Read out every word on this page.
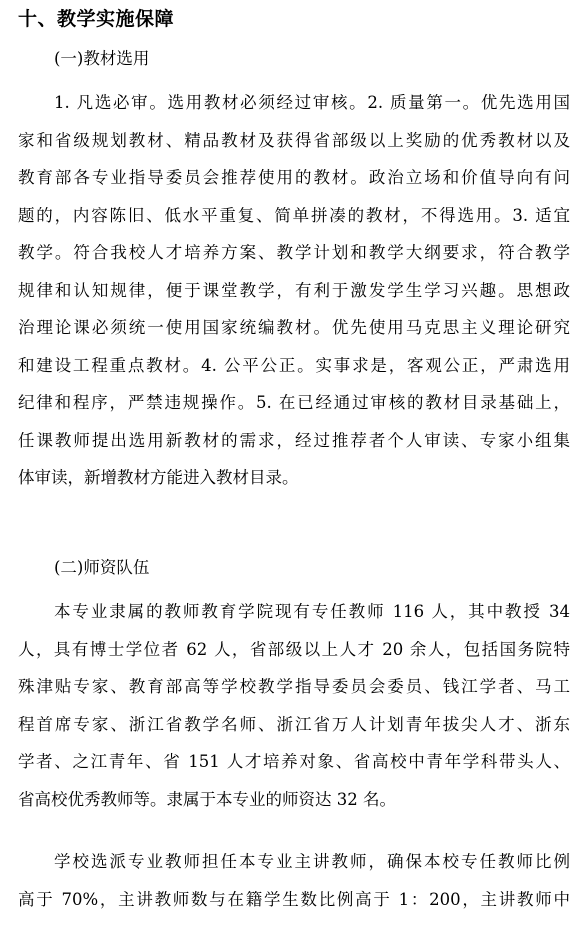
十、教学实施保障
(一)教材选用
1. 凡选必审。选用教材必须经过审核。2. 质量第一。优先选用国
家和省级规划教材、精品教材及获得省部级以上奖励的优秀教材以及
教育部各专业指导委员会推荐使用的教材。政治立场和价值导向有问
题的，内容陈旧、低水平重复、简单拼凑的教材，不得选用。3. 适宜
教学。符合我校人才培养方案、教学计划和教学大纲要求，符合教学
规律和认知规律，便于课堂教学，有利于激发学生学习兴趣。思想政
治理论课必须统一使用国家统编教材。优先使用马克思主义理论研究
和建设工程重点教材。4. 公平公正。实事求是，客观公正，严肃选用
纪律和程序，严禁违规操作。5. 在已经通过审核的教材目录基础上，
任课教师提出选用新教材的需求，经过推荐者个人审读、专家小组集
体审读，新增教材方能进入教材目录。
(二)师资队伍
本专业隶属的教师教育学院现有专任教师 116 人，其中教授 34
人，具有博士学位者 62 人，省部级以上人才 20 余人，包括国务院特
殊津贴专家、教育部高等学校教学指导委员会委员、钱江学者、马工
程首席专家、浙江省教学名师、浙江省万人计划青年拔尖人才、浙东
学者、之江青年、省 151 人才培养对象、省高校中青年学科带头人、
省高校优秀教师等。隶属于本专业的师资达 32 名。
学校选派专业教师担任本专业主讲教师，确保本校专任教师比例
高于 70%，主讲教师数与在籍学生数比例高于 1：200，主讲教师中
